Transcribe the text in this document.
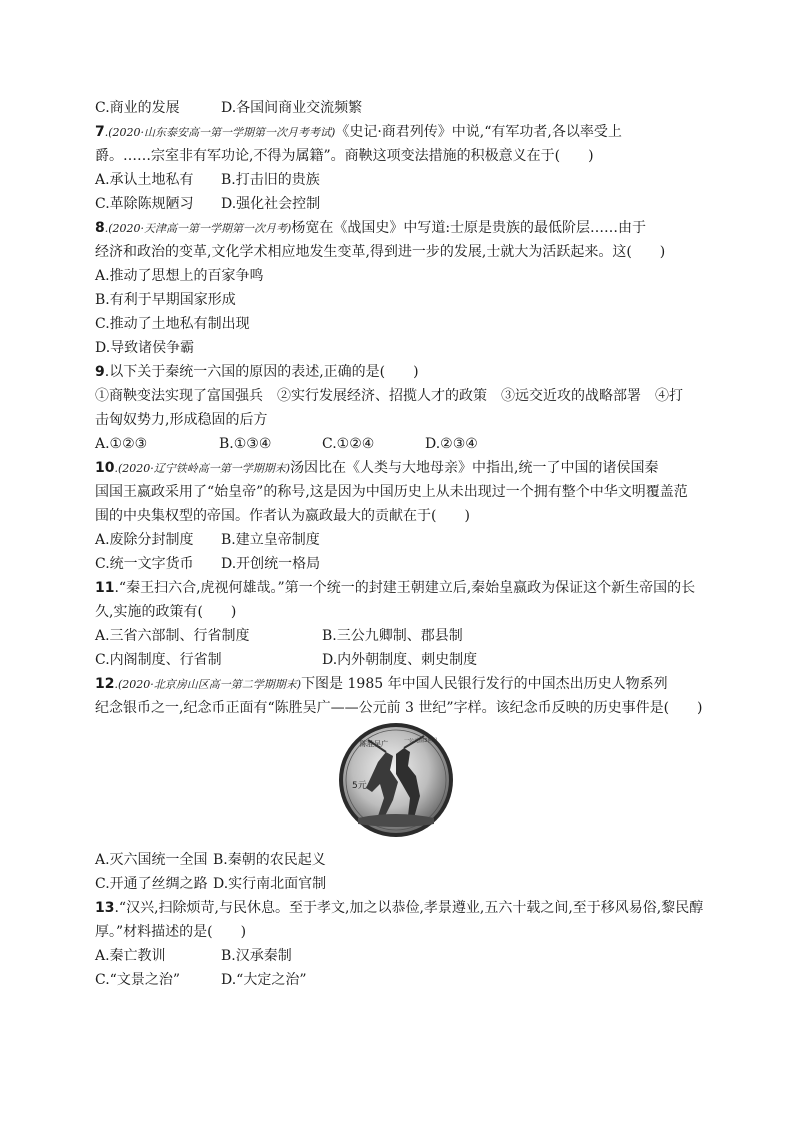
C.商业的发展	D.各国间商业交流频繁
7.(2020·山东泰安高一第一学期第一次月考考试)《史记·商君列传》中说,“有军功者,各以率受上
爵。……宗室非有军功论,不得为属籍”。商鞅这项变法措施的积极意义在于(　　)
A.承认土地私有 B.打击旧的贵族
C.革除陈规陋习 D.强化社会控制
8.(2020·天津高一第一学期第一次月考)杨宽在《战国史》中写道:士原是贵族的最低阶层……由于
经济和政治的变革,文化学术相应地发生变革,得到进一步的发展,士就大为活跃起来。这(　　)
A.推动了思想上的百家争鸣
B.有利于早期国家形成
C.推动了土地私有制出现
D.导致诸侯争霸
9.以下关于秦统一六国的原因的表述,正确的是(　　)
①商鞅变法实现了富国强兵　②实行发展经济、招揽人才的政策　③远交近攻的战略部署　④打
击匈奴势力,形成稳固的后方
A.①②③	B.①③④	C.①②④	D.②③④
10.(2020·辽宁铁岭高一第一学期期末)汤因比在《人类与大地母亲》中指出,统一了中国的诸侯国秦
国国王嬴政采用了“始皇帝”的称号,这是因为中国历史上从未出现过一个拥有整个中华文明覆盖范
围的中央集权型的帝国。作者认为嬴政最大的贡献在于(　　)
A.废除分封制度 B.建立皇帝制度
C.统一文字货币 D.开创统一格局
11.“秦王扫六合,虎视何雄哉。”第一个统一的封建王朝建立后,秦始皇嬴政为保证这个新生帝国的长
久,实施的政策有(　　)
A.三省六部制、行省制度	B.三公九卿制、郡县制
C.内阁制度、行省制	D.内外朝制度、刺史制度
12.(2020·北京房山区高一第二学期期末)下图是 1985 年中国人民银行发行的中国杰出历史人物系列
纪念银币之一,纪念币正面有“陈胜吴广——公元前 3 世纪”字样。该纪念币反映的历史事件是(　　)
陈胜吴广	一公元前3世纪
5元
A.灭六国统一全国 B.秦朝的农民起义
C.开通了丝绸之路 D.实行南北面官制
13.“汉兴,扫除烦苛,与民休息。至于孝文,加之以恭俭,孝景遵业,五六十载之间,至于移风易俗,黎民醇
厚。”材料描述的是(　　)
A.秦亡教训	B.汉承秦制
C.“文景之治”	D.“大定之治”
